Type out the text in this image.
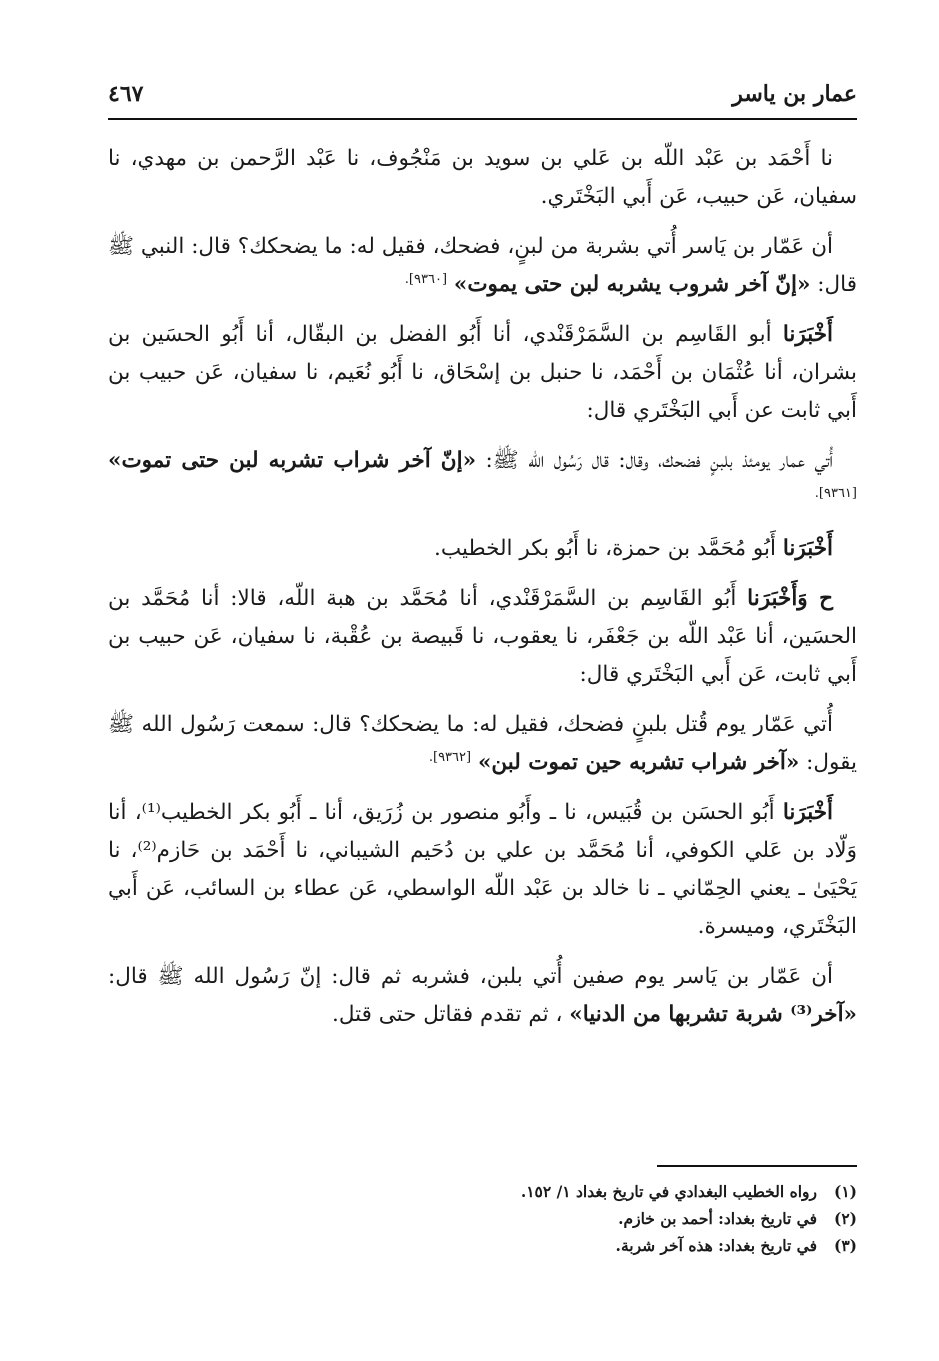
عمار بن ياسر
٤٦٧

نا أَحْمَد بن عَبْد اللّه بن عَلي بن سويد بن مَنْجُوف، نا عَبْد الرَّحمن بن مهدي، نا سفيان، عَن حبيب، عَن أَبي البَخْتَري.

أن عَمّار بن يَاسر أُتي بشربة من لبنٍ، فضحك، فقيل له: ما يضحكك؟ قال: النبي ﷺ قال: «إنّ آخر شروب يشربه لبن حتى يموت» $^{[٩٣٦٠].}$

أَخْبَرَنا أبو القَاسِم بن السَّمَرْقَنْدي، أنا أَبُو الفضل بن البقّال، أنا أَبُو الحسَين بن بشران، أنا عُثْمَان بن أَحْمَد، نا حنبل بن إسْحَاق، نا أَبُو نُعَيم، نا سفيان، عَن حبيب بن أَبي ثابت عن أَبي البَخْتَري قال:

أُتي عمار يومئذ بلبنٍ فضحك، وقال: قال رَسُول الله ﷺ: «إنّ آخر شراب تشربه لبن حتى تموت» $^{[٩٣٦١].}$

أَخْبَرَنا أَبُو مُحَمَّد بن حمزة، نا أَبُو بكر الخطيب.

ح وَأَخْبَرَنا أَبُو القَاسِم بن السَّمَرْقَنْدي، أنا مُحَمَّد بن هبة اللّه، قالا: أنا مُحَمَّد بن الحسَين، أنا عَبْد اللّه بن جَعْفَر، نا يعقوب، نا قَبيصة بن عُقْبة، نا سفيان، عَن حبيب بن أَبي ثابت، عَن أَبي البَخْتَري قال:

أُتي عَمّار يوم قُتل بلبنٍ فضحك، فقيل له: ما يضحكك؟ قال: سمعت رَسُول الله ﷺ يقول: «آخر شراب تشربه حين تموت لبن» $^{[٩٣٦٢].}$

أَخْبَرَنا أَبُو الحسَن بن قُبَيس، نا ـ وأَبُو منصور بن زُرَيق، أنا ـ أَبُو بكر الخطيب⁽¹⁾، أنا وَلّاد بن عَلي الكوفي، أنا مُحَمَّد بن علي بن دُحَيم الشيباني، نا أَحْمَد بن حَازم⁽²⁾، نا يَحْيَىٰ ـ يعني الحِمّاني ـ نا خالد بن عَبْد اللّه الواسطي، عَن عطاء بن السائب، عَن أَبي البَخْتَري، وميسرة.

أن عَمّار بن يَاسر يوم صفين أُتي بلبن، فشربه ثم قال: إنّ رَسُول الله ﷺ قال: «آخر⁽³⁾ شربة تشربها من الدنيا» ، ثم تقدم فقاتل حتى قتل.

(١)
رواه الخطيب البغدادي في تاريخ بغداد ١/ ١٥٢.
(٢)
في تاريخ بغداد: أحمد بن خازم.
(٣)
في تاريخ بغداد: هذه آخر شربة.
